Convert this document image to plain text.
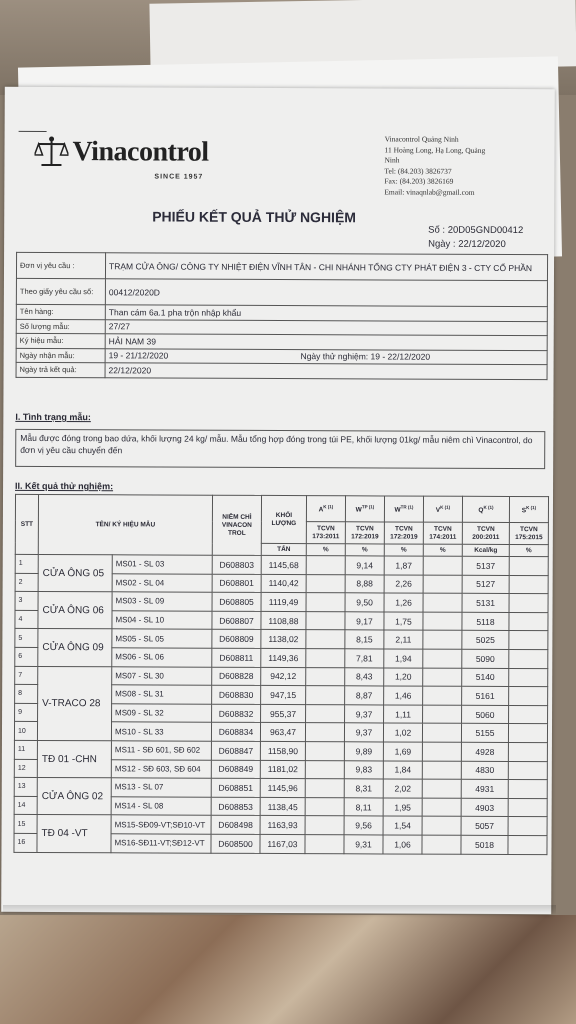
Vinacontrol
SINCE 1957
Vinacontrol Quảng Ninh
11 Hoàng Long, Hạ Long, Quảng
Ninh
Tel: (84.203) 3826737
Fax: (84.203) 3826169
Email: vinaqnlab@gmail.com
PHIẾU KẾT QUẢ THỬ NGHIỆM
Số : 20D05GND00412
Ngày : 22/12/2020
Đơn vị yêu cầu :	TRẠM CỬA ÔNG/ CÔNG TY NHIỆT ĐIỆN VĨNH TÂN - CHI NHÁNH TỔNG CTY PHÁT ĐIỆN 3 - CTY CỔ PHẦN
Theo giấy yêu cầu số:	00412/2020D
Tên hàng:	Than cám 6a.1 pha trộn nhập khẩu
Số lượng mẫu:	27/27
Ký hiệu mẫu:	HẢI NAM 39
Ngày nhận mẫu:	19 - 21/12/2020 Ngày thử nghiệm: 19 - 22/12/2020
Ngày trả kết quả:	22/12/2020
I. Tình trạng mẫu:
Mẫu được đóng trong bao dứa, khối lượng 24 kg/ mẫu. Mẫu tổng hợp đóng trong túi PE, khối lượng 01kg/ mẫu niêm chì Vinacontrol, do đơn vị yêu cầu chuyển đến
II. Kết quả thử nghiệm:
STT	TÊN/ KÝ HIỆU MẪU		NIÊM CHÌ VINACON TROL	KHỐI LƯỢNG	$A^{K (1)}$	$W^{TP (1)}$	$W^{TR (1)}$	$V^{K (1)}$	$Q^{K (1)}$	$S^{K (1)}$
					TCVN 173:2011	TCVN 172:2019	TCVN 172:2019	TCVN 174:2011	TCVN 200:2011	TCVN 175:2015
				TẤN	%	%	%	%	Kcal/kg	%
1	CỬA ÔNG 05	MS01 - SL 03	D608803	1145,68		9,14	1,87		5137	
2		MS02 - SL 04	D608801	1140,42		8,88	2,26		5127	
3	CỬA ÔNG 06	MS03 - SL 09	D608805	1119,49		9,50	1,26		5131	
4		MS04 - SL 10	D608807	1108,88		9,17	1,75		5118	
5	CỬA ÔNG 09	MS05 - SL 05	D608809	1138,02		8,15	2,11		5025	
6		MS06 - SL 06	D608811	1149,36		7,81	1,94		5090	
7	V-TRACO 28	MS07 - SL 30	D608828	942,12		8,43	1,20		5140	
8		MS08 - SL 31	D608830	947,15		8,87	1,46		5161	
9		MS09 - SL 32	D608832	955,37		9,37	1,11		5060	
10		MS10 - SL 33	D608834	963,47		9,37	1,02		5155	
11	TĐ 01 -CHN	MS11 - SĐ 601, SĐ 602	D608847	1158,90		9,89	1,69		4928	
12		MS12 - SĐ 603, SĐ 604	D608849	1181,02		9,83	1,84		4830	
13	CỬA ÔNG 02	MS13 - SL 07	D608851	1145,96		8,31	2,02		4931	
14		MS14 - SL 08	D608853	1138,45		8,11	1,95		4903	
15	TĐ 04 -VT	MS15-SĐ09-VT;SĐ10-VT	D608498	1163,93		9,56	1,54		5057	
16		MS16-SĐ11-VT;SĐ12-VT	D608500	1167,03		9,31	1,06		5018	
